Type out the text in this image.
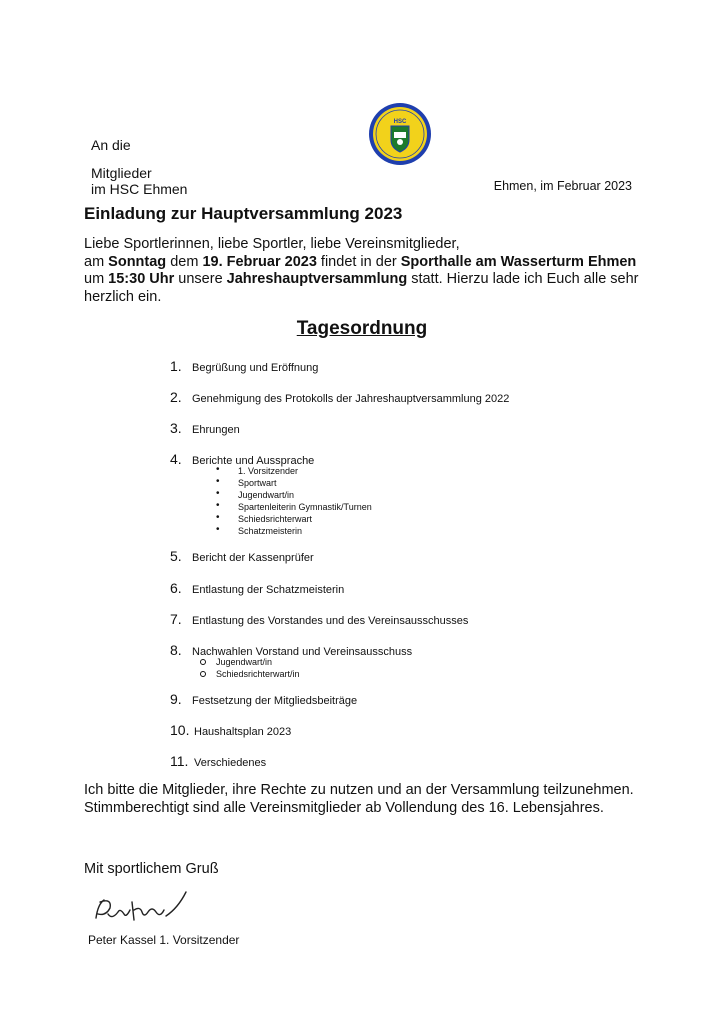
HSC
An die
Mitglieder
im HSC Ehmen	Ehmen, im Februar 2023
Einladung zur Hauptversammlung 2023
Liebe Sportlerinnen, liebe Sportler, liebe Vereinsmitglieder,
am Sonntag dem 19. Februar 2023 findet in der Sporthalle am Wasserturm Ehmen um 15:30 Uhr unsere Jahreshauptversammlung statt. Hierzu lade ich Euch alle sehr herzlich ein.
Tagesordnung
1. Begrüßung und Eröffnung
2. Genehmigung des Protokolls der Jahreshauptversammlung 2022
3. Ehrungen
4. Berichte und Aussprache
• 1. Vorsitzender
• Sportwart
• Jugendwart/in
• Spartenleiterin Gymnastik/Turnen
• Schiedsrichterwart
• Schatzmeisterin
5. Bericht der Kassenprüfer
6. Entlastung der Schatzmeisterin
7. Entlastung des Vorstandes und des Vereinsausschusses
8. Nachwahlen Vorstand und Vereinsausschuss
Jugendwart/in
Schiedsrichterwart/in
9. Festsetzung der Mitgliedsbeiträge
10. Haushaltsplan 2023
11. Verschiedenes
Ich bitte die Mitglieder, ihre Rechte zu nutzen und an der Versammlung teilzunehmen. Stimmberechtigt sind alle Vereinsmitglieder ab Vollendung des 16. Lebensjahres.
Mit sportlichem Gruß
Peter Kassel 1. Vorsitzender
